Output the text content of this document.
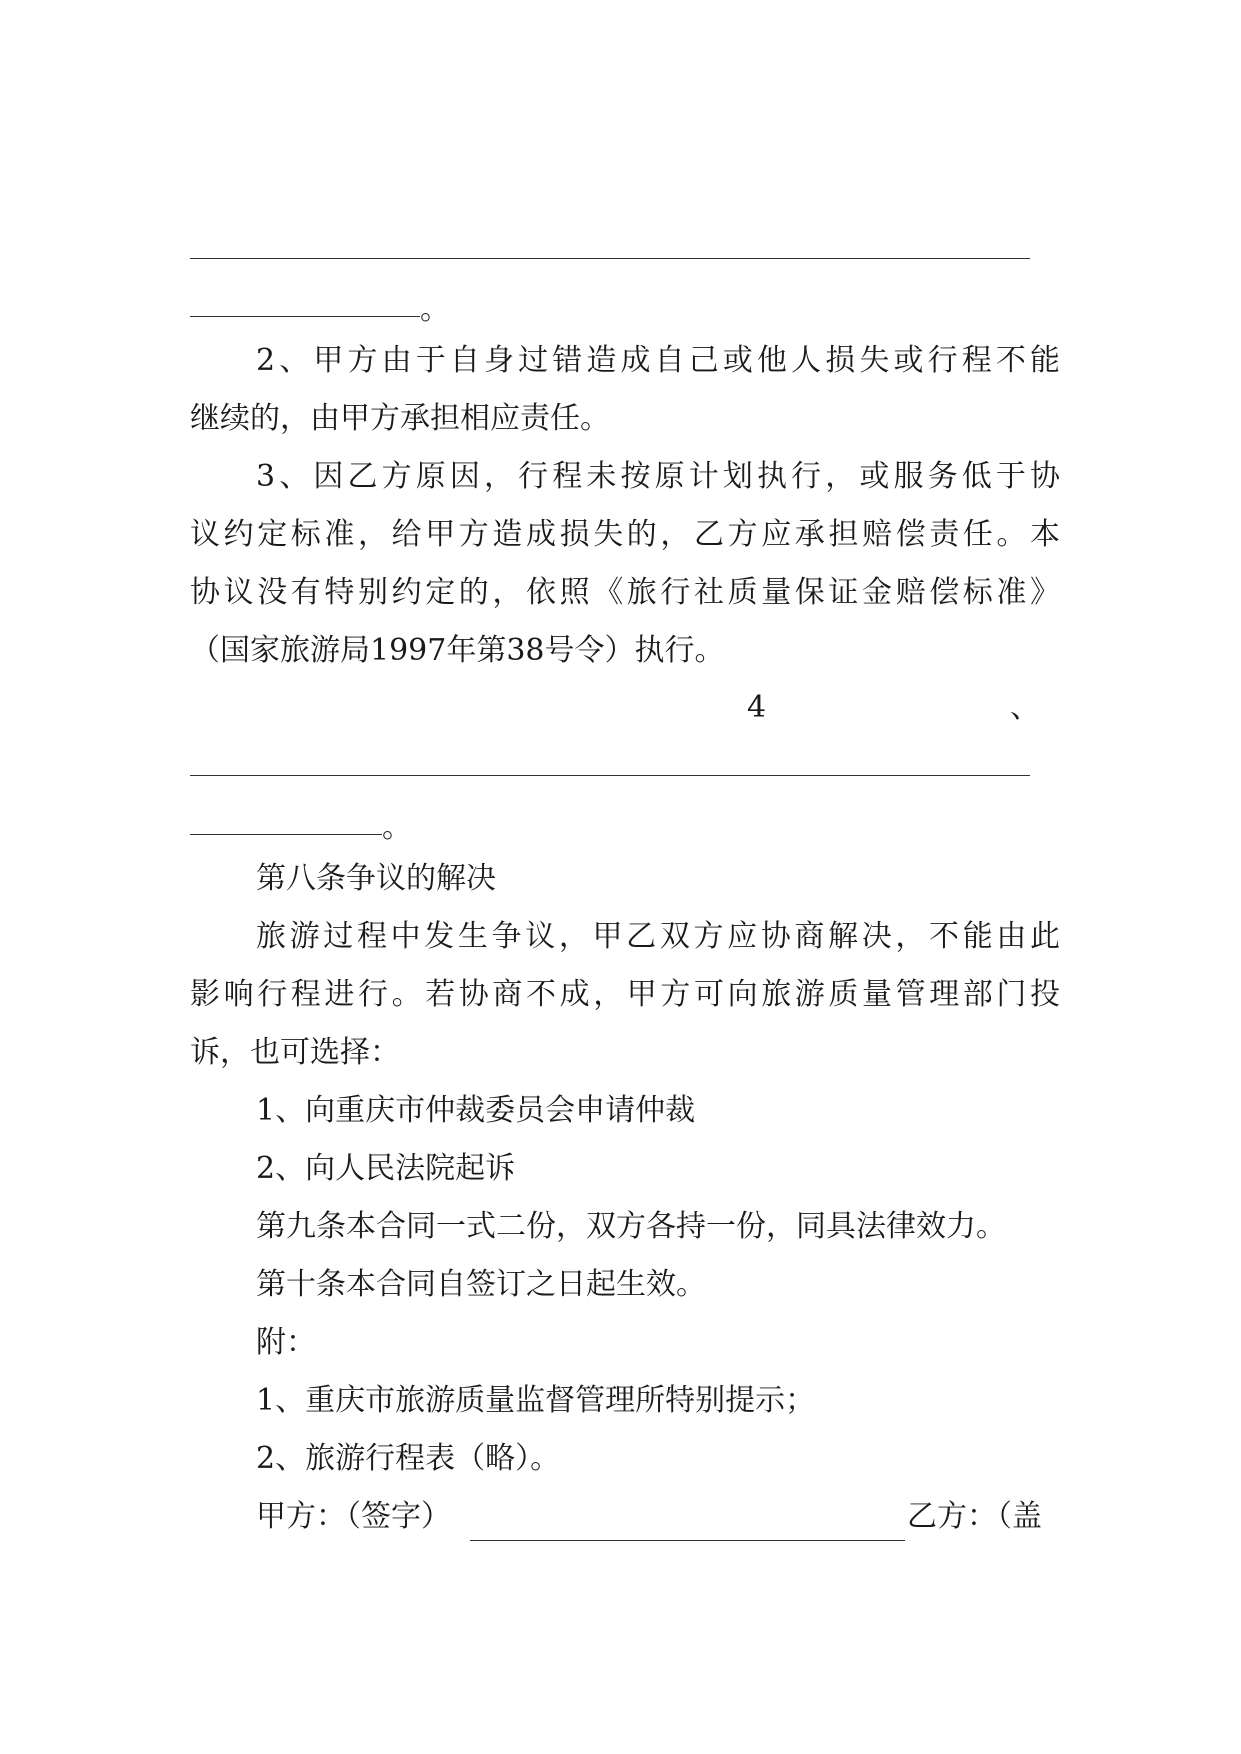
。
2、甲方由于自身过错造成自己或他人损失或行程不能
继续的，由甲方承担相应责任。
3、因乙方原因，行程未按原计划执行，或服务低于协
议约定标准，给甲方造成损失的，乙方应承担赔偿责任。本
协议没有特别约定的，依照《旅行社质量保证金赔偿标准》
（国家旅游局1997年第38号令）执行。
4	、
。
第八条争议的解决
旅游过程中发生争议，甲乙双方应协商解决，不能由此
影响行程进行。若协商不成，甲方可向旅游质量管理部门投
诉，也可选择：
1、向重庆市仲裁委员会申请仲裁
2、向人民法院起诉
第九条本合同一式二份，双方各持一份，同具法律效力。
第十条本合同自签订之日起生效。
附：
1、重庆市旅游质量监督管理所特别提示；
2、旅游行程表（略）。
甲方：（签字）	乙方：（盖
